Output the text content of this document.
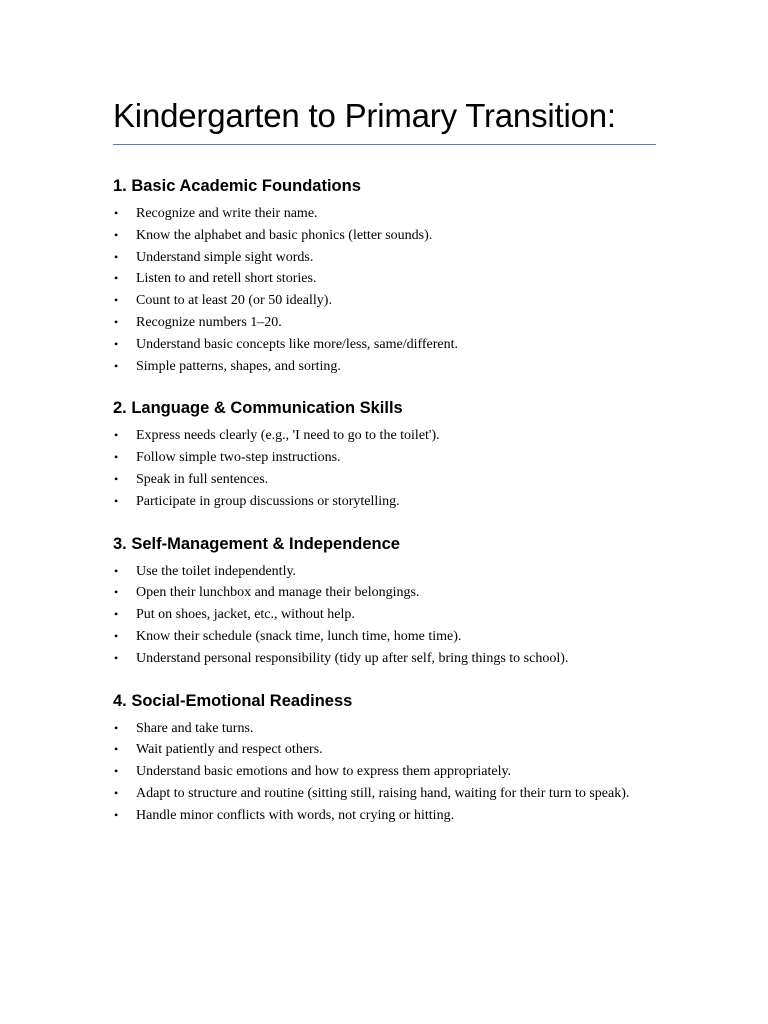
Kindergarten to Primary Transition:
1. Basic Academic Foundations
• Recognize and write their name.
• Know the alphabet and basic phonics (letter sounds).
• Understand simple sight words.
• Listen to and retell short stories.
• Count to at least 20 (or 50 ideally).
• Recognize numbers 1–20.
• Understand basic concepts like more/less, same/different.
• Simple patterns, shapes, and sorting.
2. Language & Communication Skills
• Express needs clearly (e.g., 'I need to go to the toilet').
• Follow simple two-step instructions.
• Speak in full sentences.
• Participate in group discussions or storytelling.
3. Self-Management & Independence
• Use the toilet independently.
• Open their lunchbox and manage their belongings.
• Put on shoes, jacket, etc., without help.
• Know their schedule (snack time, lunch time, home time).
• Understand personal responsibility (tidy up after self, bring things to school).
4. Social-Emotional Readiness
• Share and take turns.
• Wait patiently and respect others.
• Understand basic emotions and how to express them appropriately.
• Adapt to structure and routine (sitting still, raising hand, waiting for their turn to speak).
• Handle minor conflicts with words, not crying or hitting.
